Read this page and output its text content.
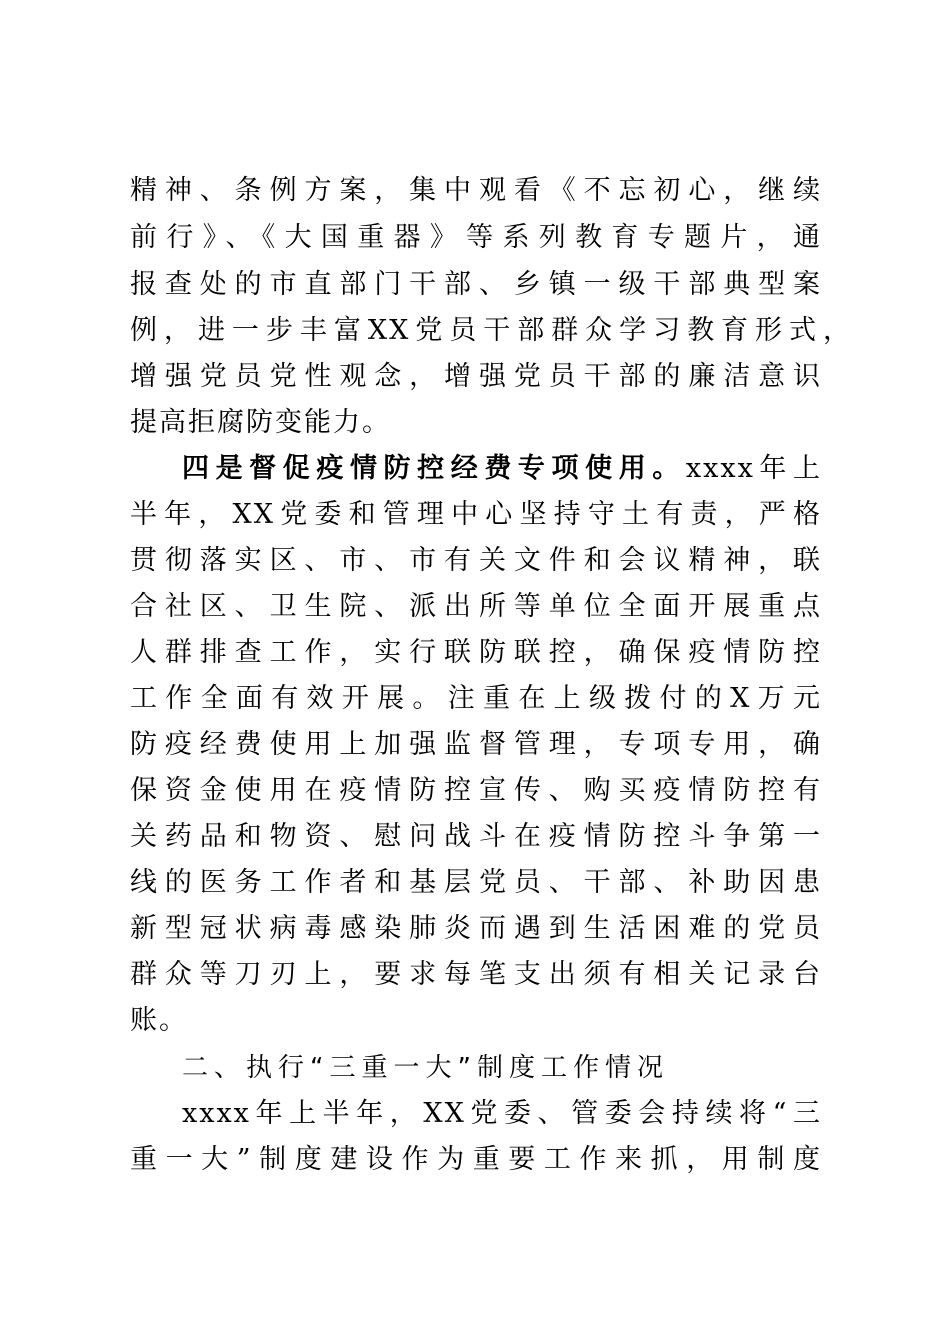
精神、条例方案，集中观看《不忘初心，继续
前行》、《大国重器》等系列教育专题片，通
报查处的市直部门干部、乡镇一级干部典型案
例，进一步丰富XX党员干部群众学习教育形式，
增强党员党性观念，增强党员干部的廉洁意识
提高拒腐防变能力。
四是督促疫情防控经费专项使用。xxxx年上
半年，XX党委和管理中心坚持守土有责，严格
贯彻落实区、市、市有关文件和会议精神，联
合社区、卫生院、派出所等单位全面开展重点
人群排查工作，实行联防联控，确保疫情防控
工作全面有效开展。注重在上级拨付的X万元
防疫经费使用上加强监督管理，专项专用，确
保资金使用在疫情防控宣传、购买疫情防控有
关药品和物资、慰问战斗在疫情防控斗争第一
线的医务工作者和基层党员、干部、补助因患
新型冠状病毒感染肺炎而遇到生活困难的党员
群众等刀刃上，要求每笔支出须有相关记录台
账。
二、执行“三重一大”制度工作情况
xxxx年上半年，XX党委、管委会持续将“三
重一大”制度建设作为重要工作来抓，用制度
